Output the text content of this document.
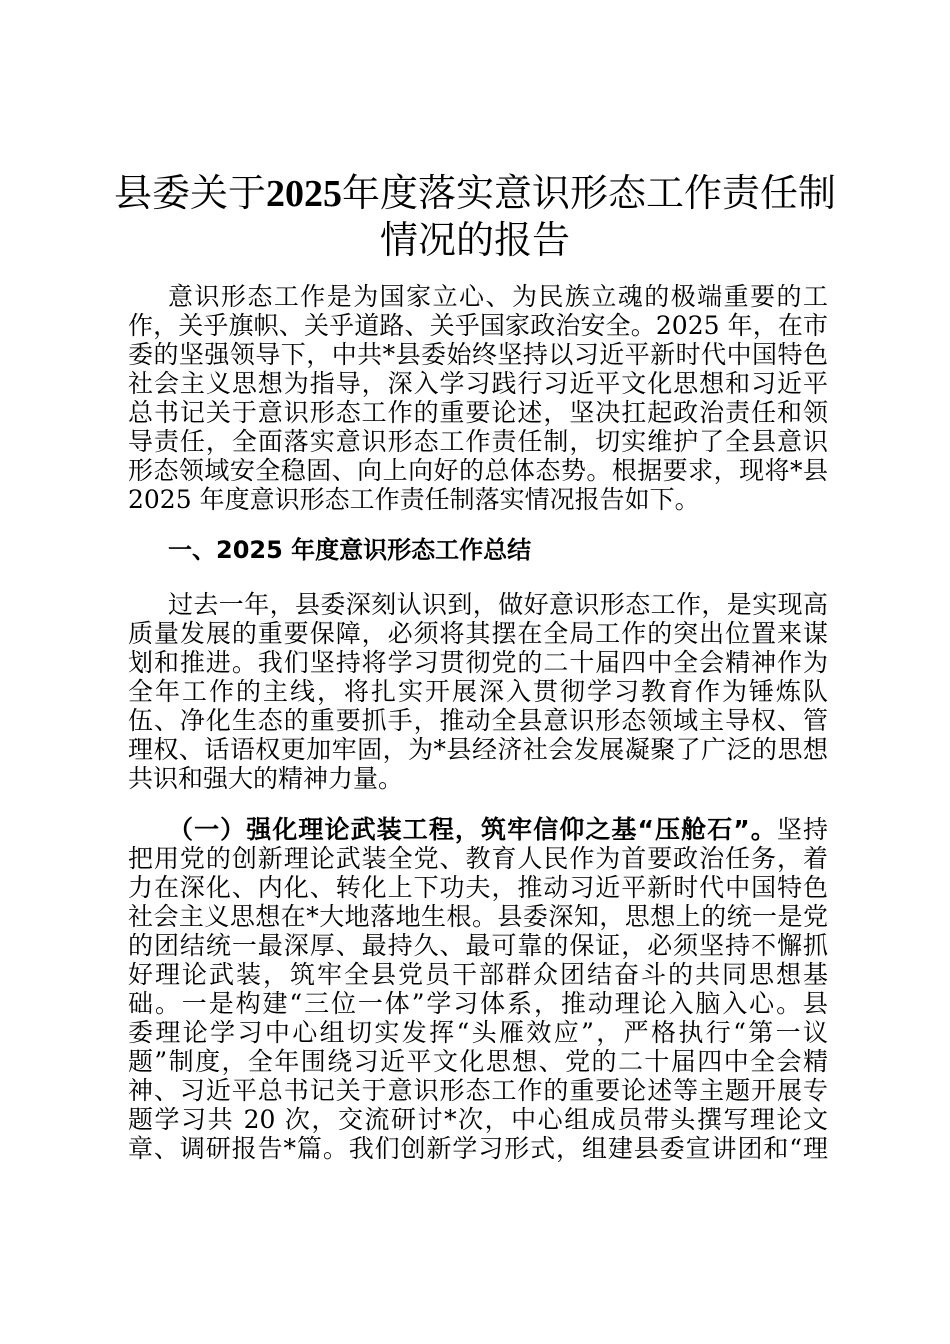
县委关于2025年度落实意识形态工作责任制
情况的报告
意识形态工作是为国家立心、为民族立魂的极端重要的工
作，关乎旗帜、关乎道路、关乎国家政治安全。2025 年，在市
委的坚强领导下，中共*县委始终坚持以习近平新时代中国特色
社会主义思想为指导，深入学习践行习近平文化思想和习近平
总书记关于意识形态工作的重要论述，坚决扛起政治责任和领
导责任，全面落实意识形态工作责任制，切实维护了全县意识
形态领域安全稳固、向上向好的总体态势。根据要求，现将*县
2025 年度意识形态工作责任制落实情况报告如下。
一、2025 年度意识形态工作总结
过去一年，县委深刻认识到，做好意识形态工作，是实现高
质量发展的重要保障，必须将其摆在全局工作的突出位置来谋
划和推进。我们坚持将学习贯彻党的二十届四中全会精神作为
全年工作的主线，将扎实开展深入贯彻学习教育作为锤炼队
伍、净化生态的重要抓手，推动全县意识形态领域主导权、管
理权、话语权更加牢固，为*县经济社会发展凝聚了广泛的思想
共识和强大的精神力量。
（一）强化理论武装工程，筑牢信仰之基“压舱石”。坚持
把用党的创新理论武装全党、教育人民作为首要政治任务，着
力在深化、内化、转化上下功夫，推动习近平新时代中国特色
社会主义思想在*大地落地生根。县委深知，思想上的统一是党
的团结统一最深厚、最持久、最可靠的保证，必须坚持不懈抓
好理论武装，筑牢全县党员干部群众团结奋斗的共同思想基
础。一是构建“三位一体”学习体系，推动理论入脑入心。县
委理论学习中心组切实发挥“头雁效应”，严格执行“第一议
题”制度，全年围绕习近平文化思想、党的二十届四中全会精
神、习近平总书记关于意识形态工作的重要论述等主题开展专
题学习共 20 次，交流研讨*次，中心组成员带头撰写理论文
章、调研报告*篇。我们创新学习形式，组建县委宣讲团和“理
